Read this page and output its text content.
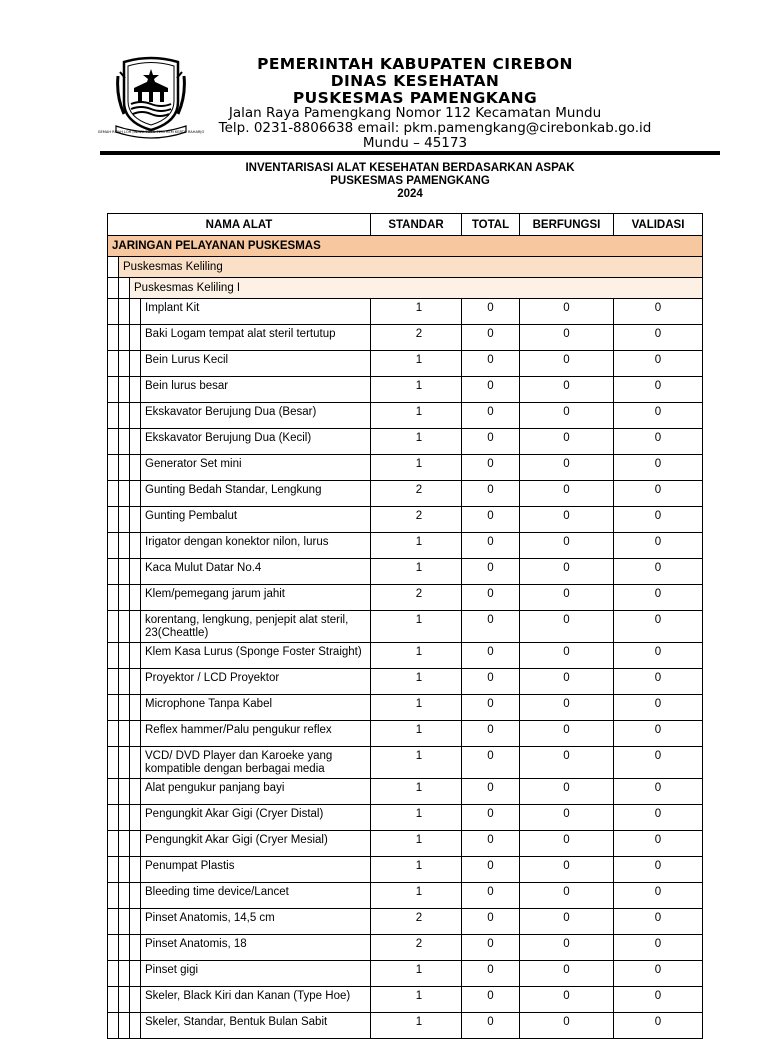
GEMAH RIPAH LOH JINAWI TOTO TENTREM KERTO RAHARJO
PEMERINTAH KABUPATEN CIREBON
DINAS KESEHATAN
PUSKESMAS PAMENGKANG
Jalan Raya Pamengkang Nomor 112 Kecamatan Mundu
Telp. 0231-8806638 email: pkm.pamengkang@cirebonkab.go.id
Mundu – 45173
INVENTARISASI ALAT KESEHATAN BERDASARKAN ASPAK
PUSKESMAS PAMENGKANG
2024
NAMA ALAT				STANDAR	TOTAL	BERFUNGSI	VALIDASI
JARINGAN PELAYANAN PUSKESMAS							
	Puskesmas Keliling						
		Puskesmas Keliling I					
			Implant Kit	1	0	0	0
			Baki Logam tempat alat steril tertutup	2	0	0	0
			Bein Lurus Kecil	1	0	0	0
			Bein lurus besar	1	0	0	0
			Ekskavator Berujung Dua (Besar)	1	0	0	0
			Ekskavator Berujung Dua (Kecil)	1	0	0	0
			Generator Set mini	1	0	0	0
			Gunting Bedah Standar, Lengkung	2	0	0	0
			Gunting Pembalut	2	0	0	0
			Irigator dengan konektor nilon, lurus	1	0	0	0
			Kaca Mulut Datar No.4	1	0	0	0
			Klem/pemegang jarum jahit	2	0	0	0
			korentang, lengkung, penjepit alat steril, 23(Cheattle)	1	0	0	0
			Klem Kasa Lurus (Sponge Foster Straight)	1	0	0	0
			Proyektor / LCD Proyektor	1	0	0	0
			Microphone Tanpa Kabel	1	0	0	0
			Reflex hammer/Palu pengukur reflex	1	0	0	0
			VCD/ DVD Player dan Karoeke yang kompatible dengan berbagai media	1	0	0	0
			Alat pengukur panjang bayi	1	0	0	0
			Pengungkit Akar Gigi (Cryer Distal)	1	0	0	0
			Pengungkit Akar Gigi (Cryer Mesial)	1	0	0	0
			Penumpat Plastis	1	0	0	0
			Bleeding time device/Lancet	1	0	0	0
			Pinset Anatomis, 14,5 cm	2	0	0	0
			Pinset Anatomis, 18	2	0	0	0
			Pinset gigi	1	0	0	0
			Skeler, Black Kiri dan Kanan (Type Hoe)	1	0	0	0
			Skeler, Standar, Bentuk Bulan Sabit	1	0	0	0
